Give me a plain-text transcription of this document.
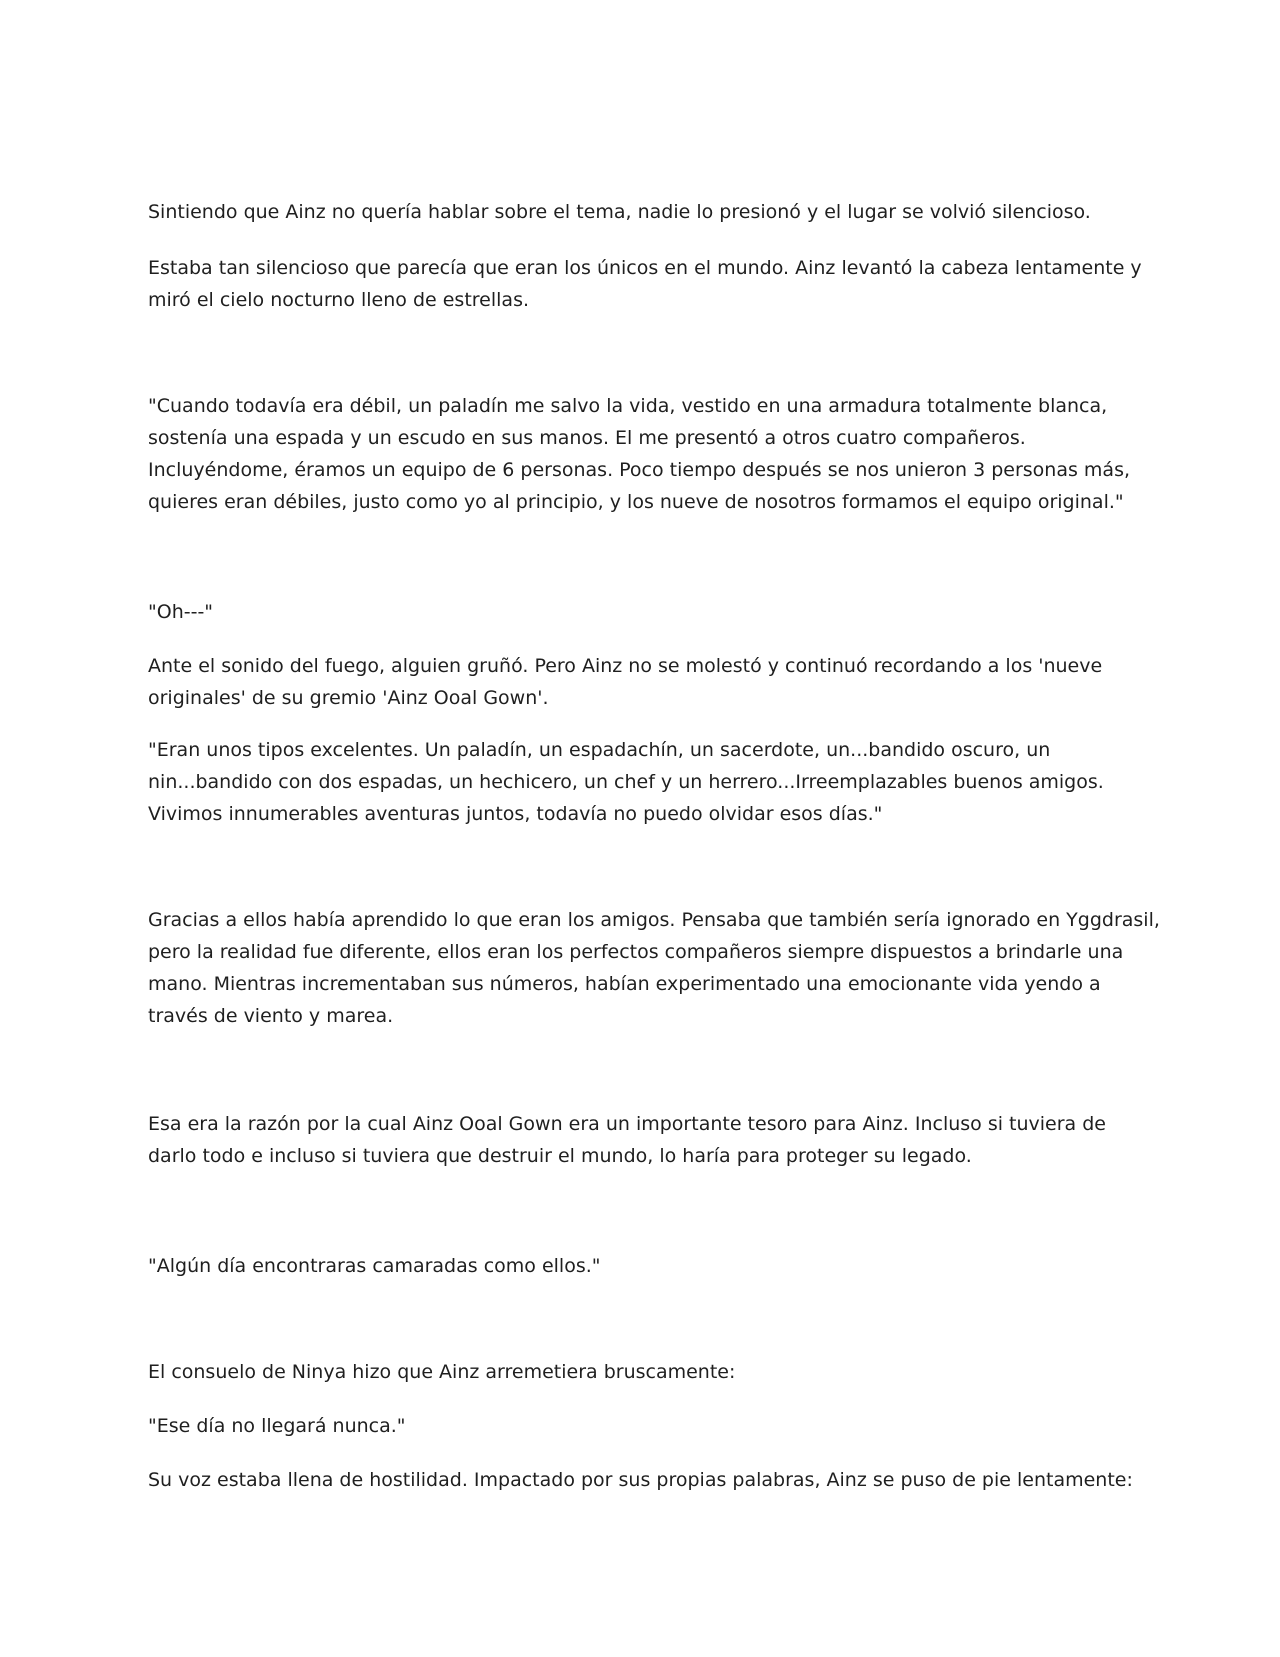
Sintiendo que Ainz no quería hablar sobre el tema, nadie lo presionó y el lugar se volvió silencioso.

Estaba tan silencioso que parecía que eran los únicos en el mundo. Ainz levantó la cabeza lentamente y
miró el cielo nocturno lleno de estrellas.

"Cuando todavía era débil, un paladín me salvo la vida, vestido en una armadura totalmente blanca,
sostenía una espada y un escudo en sus manos. El me presentó a otros cuatro compañeros.
Incluyéndome, éramos un equipo de 6 personas. Poco tiempo después se nos unieron 3 personas más,
quieres eran débiles, justo como yo al principio, y los nueve de nosotros formamos el equipo original."

"Oh---"

Ante el sonido del fuego, alguien gruñó. Pero Ainz no se molestó y continuó recordando a los 'nueve
originales' de su gremio 'Ainz Ooal Gown'.

"Eran unos tipos excelentes. Un paladín, un espadachín, un sacerdote, un...bandido oscuro, un
nin...bandido con dos espadas, un hechicero, un chef y un herrero...Irreemplazables buenos amigos.
Vivimos innumerables aventuras juntos, todavía no puedo olvidar esos días."

Gracias a ellos había aprendido lo que eran los amigos. Pensaba que también sería ignorado en Yggdrasil,
pero la realidad fue diferente, ellos eran los perfectos compañeros siempre dispuestos a brindarle una
mano. Mientras incrementaban sus números, habían experimentado una emocionante vida yendo a
través de viento y marea.

Esa era la razón por la cual Ainz Ooal Gown era un importante tesoro para Ainz. Incluso si tuviera de
darlo todo e incluso si tuviera que destruir el mundo, lo haría para proteger su legado.

"Algún día encontraras camaradas como ellos."

El consuelo de Ninya hizo que Ainz arremetiera bruscamente:

"Ese día no llegará nunca."

Su voz estaba llena de hostilidad. Impactado por sus propias palabras, Ainz se puso de pie lentamente:
